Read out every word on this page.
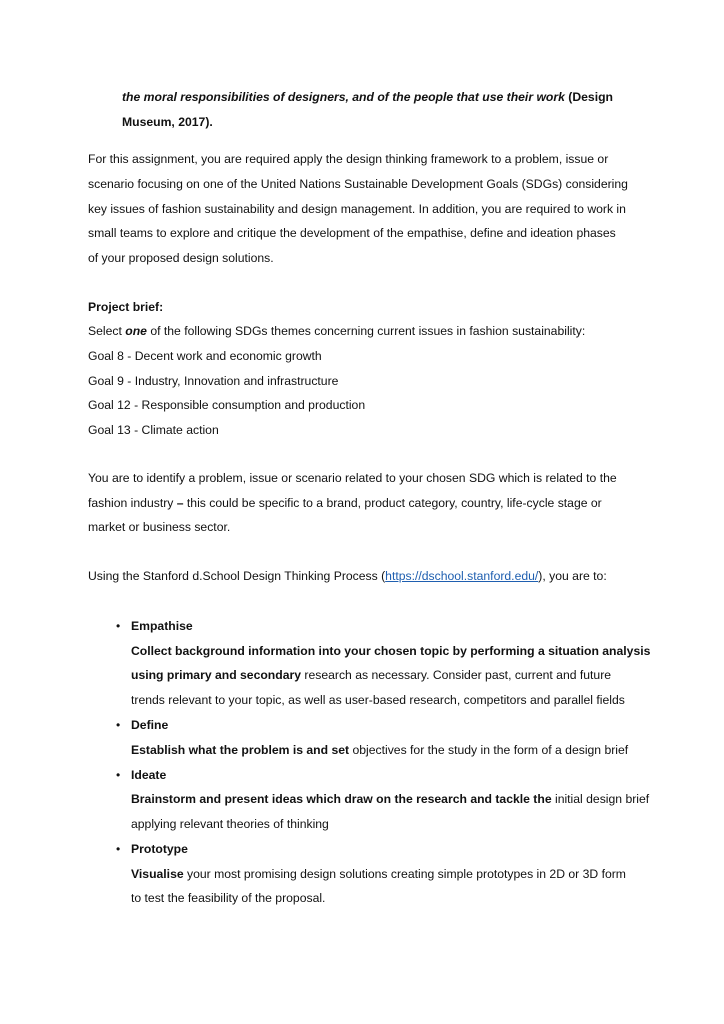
the moral responsibilities of designers, and of the people that use their work (Design
Museum, 2017).
For this assignment, you are required apply the design thinking framework to a problem, issue or
scenario focusing on one of the United Nations Sustainable Development Goals (SDGs) considering
key issues of fashion sustainability and design management. In addition, you are required to work in
small teams to explore and critique the development of the empathise, define and ideation phases
of your proposed design solutions.
Project brief:
Select one of the following SDGs themes concerning current issues in fashion sustainability:
Goal 8 - Decent work and economic growth
Goal 9 - Industry, Innovation and infrastructure
Goal 12 - Responsible consumption and production
Goal 13 - Climate action
You are to identify a problem, issue or scenario related to your chosen SDG which is related to the
fashion industry – this could be specific to a brand, product category, country, life-cycle stage or
market or business sector.
Using the Stanford d.School Design Thinking Process (https://dschool.stanford.edu/), you are to:
• Empathise
Collect background information into your chosen topic by performing a situation analysis
using primary and secondary research as necessary. Consider past, current and future
trends relevant to your topic, as well as user-based research, competitors and parallel fields
• Define
Establish what the problem is and set objectives for the study in the form of a design brief
• Ideate
Brainstorm and present ideas which draw on the research and tackle the initial design brief
applying relevant theories of thinking
• Prototype
Visualise your most promising design solutions creating simple prototypes in 2D or 3D form
to test the feasibility of the proposal.
